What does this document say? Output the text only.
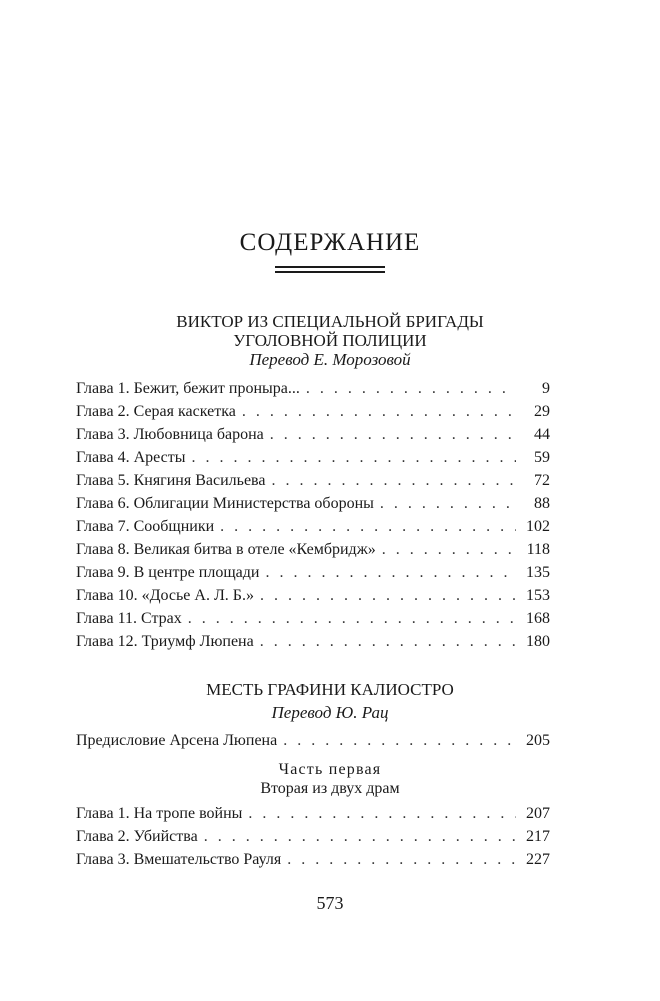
СОДЕРЖАНИЕ
ВИКТОР ИЗ СПЕЦИАЛЬНОЙ БРИГАДЫ
УГОЛОВНОЙ ПОЛИЦИИ
Перевод Е. Морозовой
Глава 1. Бежит, бежит проныра... . . .	9
Глава 2. Серая каскетка . . .	29
Глава 3. Любовница барона . . .	44
Глава 4. Аресты . . .	59
Глава 5. Княгиня Васильева . . .	72
Глава 6. Облигации Министерства обороны . . .	88
Глава 7. Сообщники . . .	102
Глава 8. Великая битва в отеле «Кембридж» . . .	118
Глава 9. В центре площади . . .	135
Глава 10. «Досье А. Л. Б.» . . .	153
Глава 11. Страх . . .	168
Глава 12. Триумф Люпена . . .	180
МЕСТЬ ГРАФИНИ КАЛИОСТРО
Перевод Ю. Рац
Предисловие Арсена Люпена . . .	205
Часть первая
Вторая из двух драм
Глава 1. На тропе войны . . .	207
Глава 2. Убийства . . .	217
Глава 3. Вмешательство Рауля . . .	227
573
